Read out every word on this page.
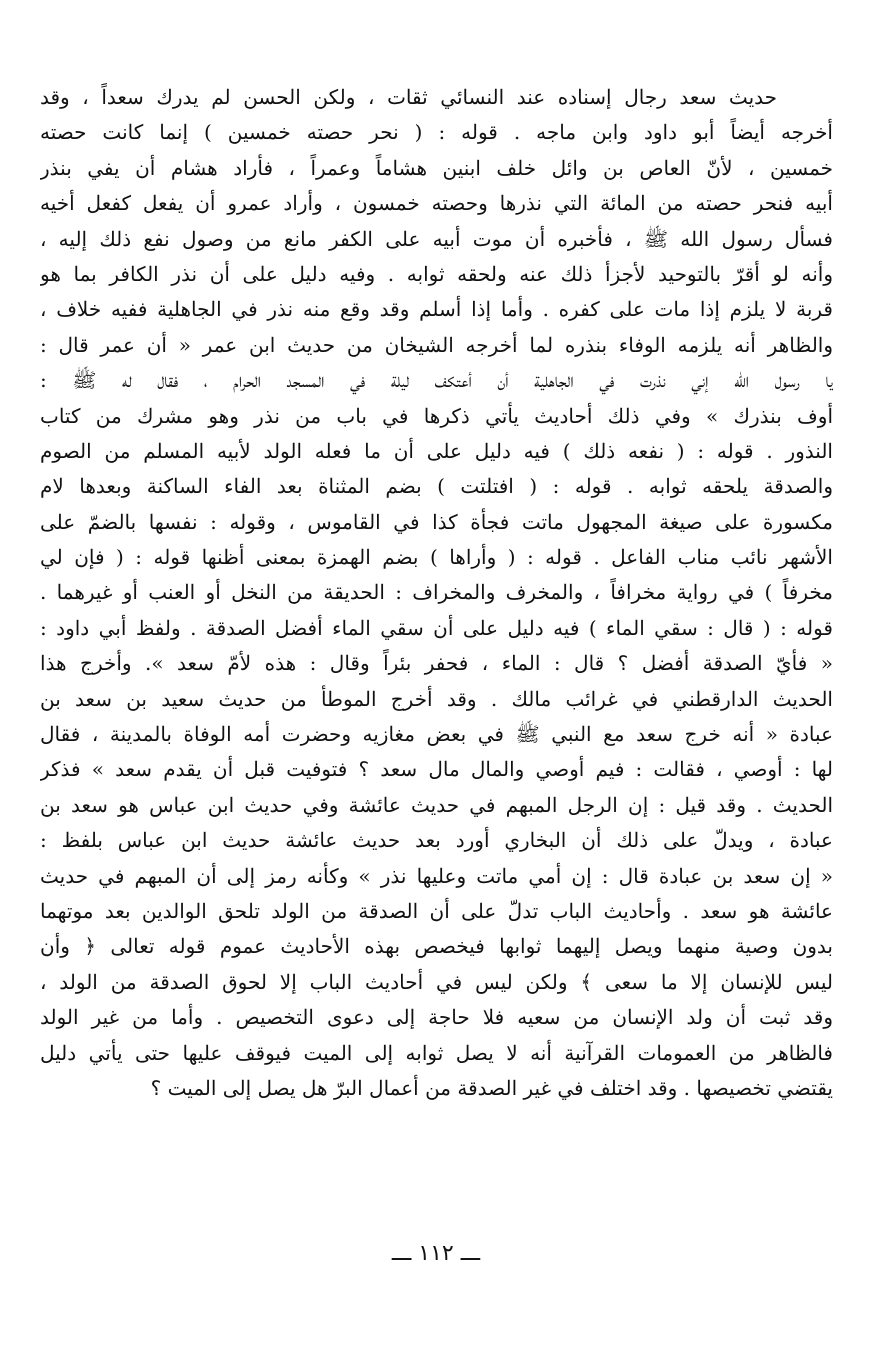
حديث سعد رجال إسناده عند النسائي ثقات ، ولكن الحسن لم يدرك سعداً ، وقد
أخرجه أيضاً أبو داود وابن ماجه . قوله : ( نحر حصته خمسين ) إنما كانت حصته
خمسين ، لأنّ العاص بن وائل خلف ابنين هشاماً وعمراً ، فأراد هشام أن يفي بنذر
أبيه فنحر حصته من المائة التي نذرها وحصته خمسون ، وأراد عمرو أن يفعل كفعل أخيه
فسأل رسول الله ﷺ ، فأخبره أن موت أبيه على الكفر مانع من وصول نفع ذلك إليه ،
وأنه لو أقرّ بالتوحيد لأجزأ ذلك عنه ولحقه ثوابه . وفيه دليل على أن نذر الكافر بما هو
قربة لا يلزم إذا مات على كفره . وأما إذا أسلم وقد وقع منه نذر في الجاهلية ففيه خلاف ،
والظاهر أنه يلزمه الوفاء بنذره لما أخرجه الشيخان من حديث ابن عمر « أن عمر قال :
يا رسول الله إني نذرت في الجاهلية أن أعتكف ليلة في المسجد الحرام ، فقال له ﷺ :
أوف بنذرك » وفي ذلك أحاديث يأتي ذكرها في باب من نذر وهو مشرك من كتاب
النذور . قوله : ( نفعه ذلك ) فيه دليل على أن ما فعله الولد لأبيه المسلم من الصوم
والصدقة يلحقه ثوابه . قوله : ( افتلتت ) بضم المثناة بعد الفاء الساكنة وبعدها لام
مكسورة على صيغة المجهول ماتت فجأة كذا في القاموس ، وقوله : نفسها بالضمّ على
الأشهر نائب مناب الفاعل . قوله : ( وأراها ) بضم الهمزة بمعنى أظنها قوله : ( فإن لي
مخرفاً ) في رواية مخرافاً ، والمخرف والمخراف : الحديقة من النخل أو العنب أو غيرهما .
قوله : ( قال : سقي الماء ) فيه دليل على أن سقي الماء أفضل الصدقة . ولفظ أبي داود :
« فأيّ الصدقة أفضل ؟ قال : الماء ، فحفر بئراً وقال : هذه لأمّ سعد ». وأخرج هذا
الحديث الدارقطني في غرائب مالك . وقد أخرج الموطأ من حديث سعيد بن سعد بن
عبادة « أنه خرج سعد مع النبي ﷺ في بعض مغازيه وحضرت أمه الوفاة بالمدينة ، فقال
لها : أوصي ، فقالت : فيم أوصي والمال مال سعد ؟ فتوفيت قبل أن يقدم سعد » فذكر
الحديث . وقد قيل : إن الرجل المبهم في حديث عائشة وفي حديث ابن عباس هو سعد بن
عبادة ، ويدلّ على ذلك أن البخاري أورد بعد حديث عائشة حديث ابن عباس بلفظ :
« إن سعد بن عبادة قال : إن أمي ماتت وعليها نذر » وكأنه رمز إلى أن المبهم في حديث
عائشة هو سعد . وأحاديث الباب تدلّ على أن الصدقة من الولد تلحق الوالدين بعد موتهما
بدون وصية منهما ويصل إليهما ثوابها فيخصص بهذه الأحاديث عموم قوله تعالى ﴿ وأن
ليس للإنسان إلا ما سعى ﴾ ولكن ليس في أحاديث الباب إلا لحوق الصدقة من الولد ،
وقد ثبت أن ولد الإنسان من سعيه فلا حاجة إلى دعوى التخصيص . وأما من غير الولد
فالظاهر من العمومات القرآنية أنه لا يصل ثوابه إلى الميت فيوقف عليها حتى يأتي دليل
يقتضي تخصيصها . وقد اختلف في غير الصدقة من أعمال البرّ هل يصل إلى الميت ؟
ـــ ١١٢ ـــ
